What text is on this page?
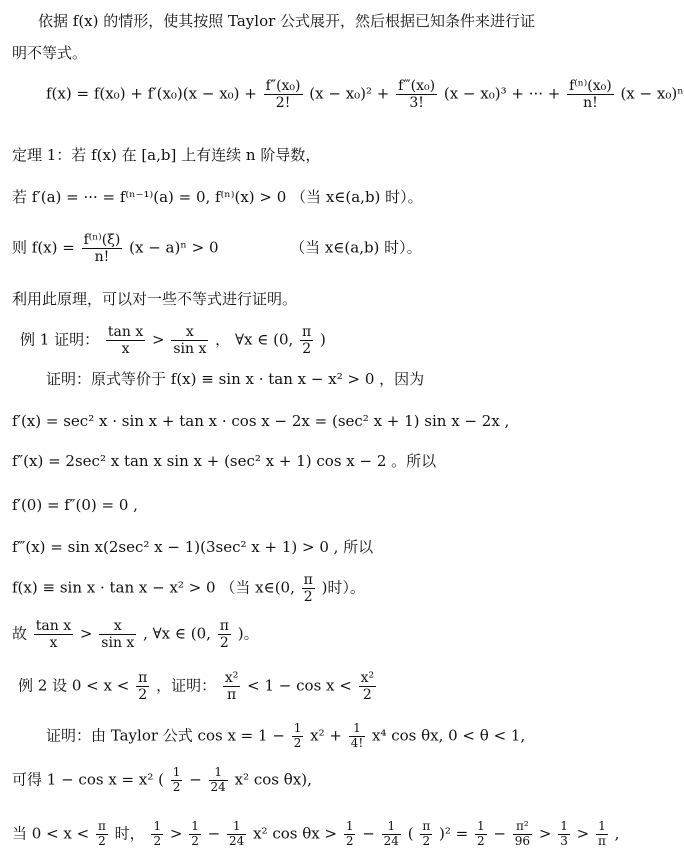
依据 f(x) 的情形，使其按照 Taylor 公式展开，然后根据已知条件来进行证
明不等式。
$f(x) = f(x_0) + f'(x_0)(x - x_0) + \frac{\text{f″(x₀)}}{2!} (x - x_0)^2 + \frac{\text{f‴(x₀)}}{3!} (x - x_0)^3$ + ··· + $\frac{\text{f⁽ⁿ⁾(x₀)}}{n!} (x - x_0)^n$
定理 1：若 f(x) 在 [a,b] 上有连续 n 阶导数，
若 f′(a) = ··· = f⁽ⁿ⁻¹⁾(a) = 0, f⁽ⁿ⁾(x) > 0 （当 x∈(a,b) 时）。
则 $f(x) = \frac{\text{f⁽ⁿ⁾(ξ)}}{n!} (x - a)^n > 0$	（当 x∈(a,b) 时）。
利用此原理，可以对一些不等式进行证明。
例 1 证明： $\frac{\text{tan x}}{x} > \frac{x}{\text{sin x}}$ ， ∀x ∈ (0, $\frac{\pi}{2}$ )
证明：原式等价于 f(x) ≡ sin x · tan x − x² > 0 ，因为
f′(x) = sec² x · sin x + tan x · cos x − 2x = (sec² x + 1) sin x − 2x ,
f″(x) = 2sec² x tan x sin x + (sec² x + 1) cos x − 2 。所以
f′(0) = f″(0) = 0 ,
f‴(x) = sin x(2sec² x − 1)(3sec² x + 1) > 0 , 所以
f(x) ≡ sin x · tan x − x² > 0 （当 x∈(0, $\frac{\pi}{2}$ )时）。
故 $\frac{\text{tan x}}{x} > \frac{x}{\text{sin x}}$ , ∀x ∈ (0, $\frac{\pi}{2}$ )。
例 2 设 $0 < x < \frac{\pi}{2}$ ，证明： $\frac{\text{x²}}{\pi} < 1 - \cos x < \frac{\text{x²}}{2}$
证明：由 Taylor 公式 $\cos x = 1 - \frac{1}{2} x^2 + \frac{1}{4!} x^4$ cos θx, 0 < θ < 1,
可得 1 − cos x = x² ( $\frac{1}{2} - \frac{1}{24} x^2$ cos θx),
当 $0 < x < \frac{\pi}{2}$ 时， $\frac{1}{2} > \frac{1}{2} - \frac{1}{24} x^2$ $\cos \theta x > \frac{1}{2} - \frac{1}{24}$ ( $\frac{\pi}{2} )^2 = \frac{1}{2} - \frac{\text{π²}}{96} > \frac{1}{3} > \frac{1}{\pi}$ ,
